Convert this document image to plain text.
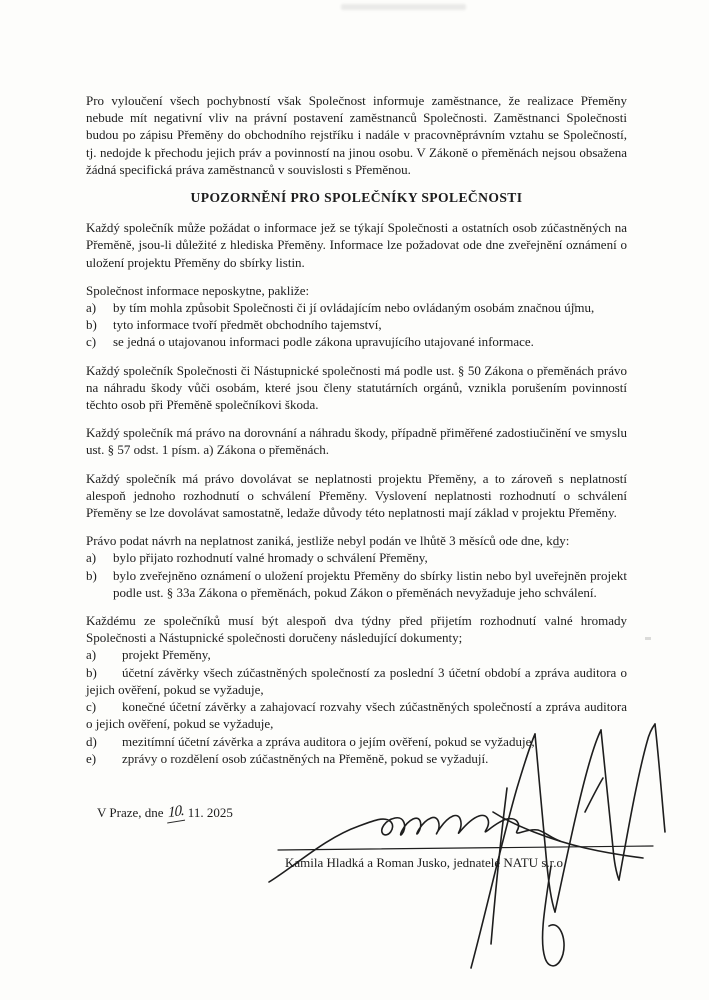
Pro vyloučení všech pochybností však Společnost informuje zaměstnance, že realizace Přeměny nebude mít negativní vliv na právní postavení zaměstnanců Společnosti. Zaměstnanci Společnosti budou po zápisu Přeměny do obchodního rejstříku i nadále v pracovněprávním vztahu se Společností, tj. nedojde k přechodu jejich práv a povinností na jinou osobu. V Zákoně o přeměnách nejsou obsažena žádná specifická práva zaměstnanců v souvislosti s Přeměnou.

UPOZORNĚNÍ PRO SPOLEČNÍKY SPOLEČNOSTI

Každý společník může požádat o informace jež se týkají Společnosti a ostatních osob zúčastněných na Přeměně, jsou-li důležité z hlediska Přeměny. Informace lze požadovat ode dne zveřejnění oznámení o uložení projektu Přeměny do sbírky listin.

Společnost informace neposkytne, pakliže:
a) by tím mohla způsobit Společnosti či jí ovládajícím nebo ovládaným osobám značnou újmu,
b) tyto informace tvoří předmět obchodního tajemství,
c) se jedná o utajovanou informaci podle zákona upravujícího utajované informace.

Každý společník Společnosti či Nástupnické společnosti má podle ust. § 50 Zákona o přeměnách právo na náhradu škody vůči osobám, které jsou členy statutárních orgánů, vznikla porušením povinností těchto osob při Přeměně společníkovi škoda.

Každý společník má právo na dorovnání a náhradu škody, případně přiměřené zadostiučinění ve smyslu ust. § 57 odst. 1 písm. a) Zákona o přeměnách.

Každý společník má právo dovolávat se neplatnosti projektu Přeměny, a to zároveň s neplatností alespoň jednoho rozhodnutí o schválení Přeměny. Vyslovení neplatnosti rozhodnutí o schválení Přeměny se lze dovolávat samostatně, ledaže důvody této neplatnosti mají základ v projektu Přeměny.

Právo podat návrh na neplatnost zaniká, jestliže nebyl podán ve lhůtě 3 měsíců ode dne, kdy:
a) bylo přijato rozhodnutí valné hromady o schválení Přeměny,
b) bylo zveřejněno oznámení o uložení projektu Přeměny do sbírky listin nebo byl uveřejněn projekt podle ust. § 33a Zákona o přeměnách, pokud Zákon o přeměnách nevyžaduje jeho schválení.
Každému ze společníků musí být alespoň dva týdny před přijetím rozhodnutí valné hromady Společnosti a Nástupnické společnosti doručeny následující dokumenty;
a) projekt Přeměny,
b) účetní závěrky všech zúčastněných společností za poslední 3 účetní období a zpráva auditora o jejich ověření, pokud se vyžaduje,
c) konečné účetní závěrky a zahajovací rozvahy všech zúčastněných společností a zpráva auditora o jejich ověření, pokud se vyžaduje,
d) mezitímní účetní závěrka a zpráva auditora o jejím ověření, pokud se vyžaduje,
e) zprávy o rozdělení osob zúčastněných na Přeměně, pokud se vyžadují.
V Praze, dne 10. 11. 2025
Kamila Hladká a Roman Jusko, jednatelé NATU s.r.o.
